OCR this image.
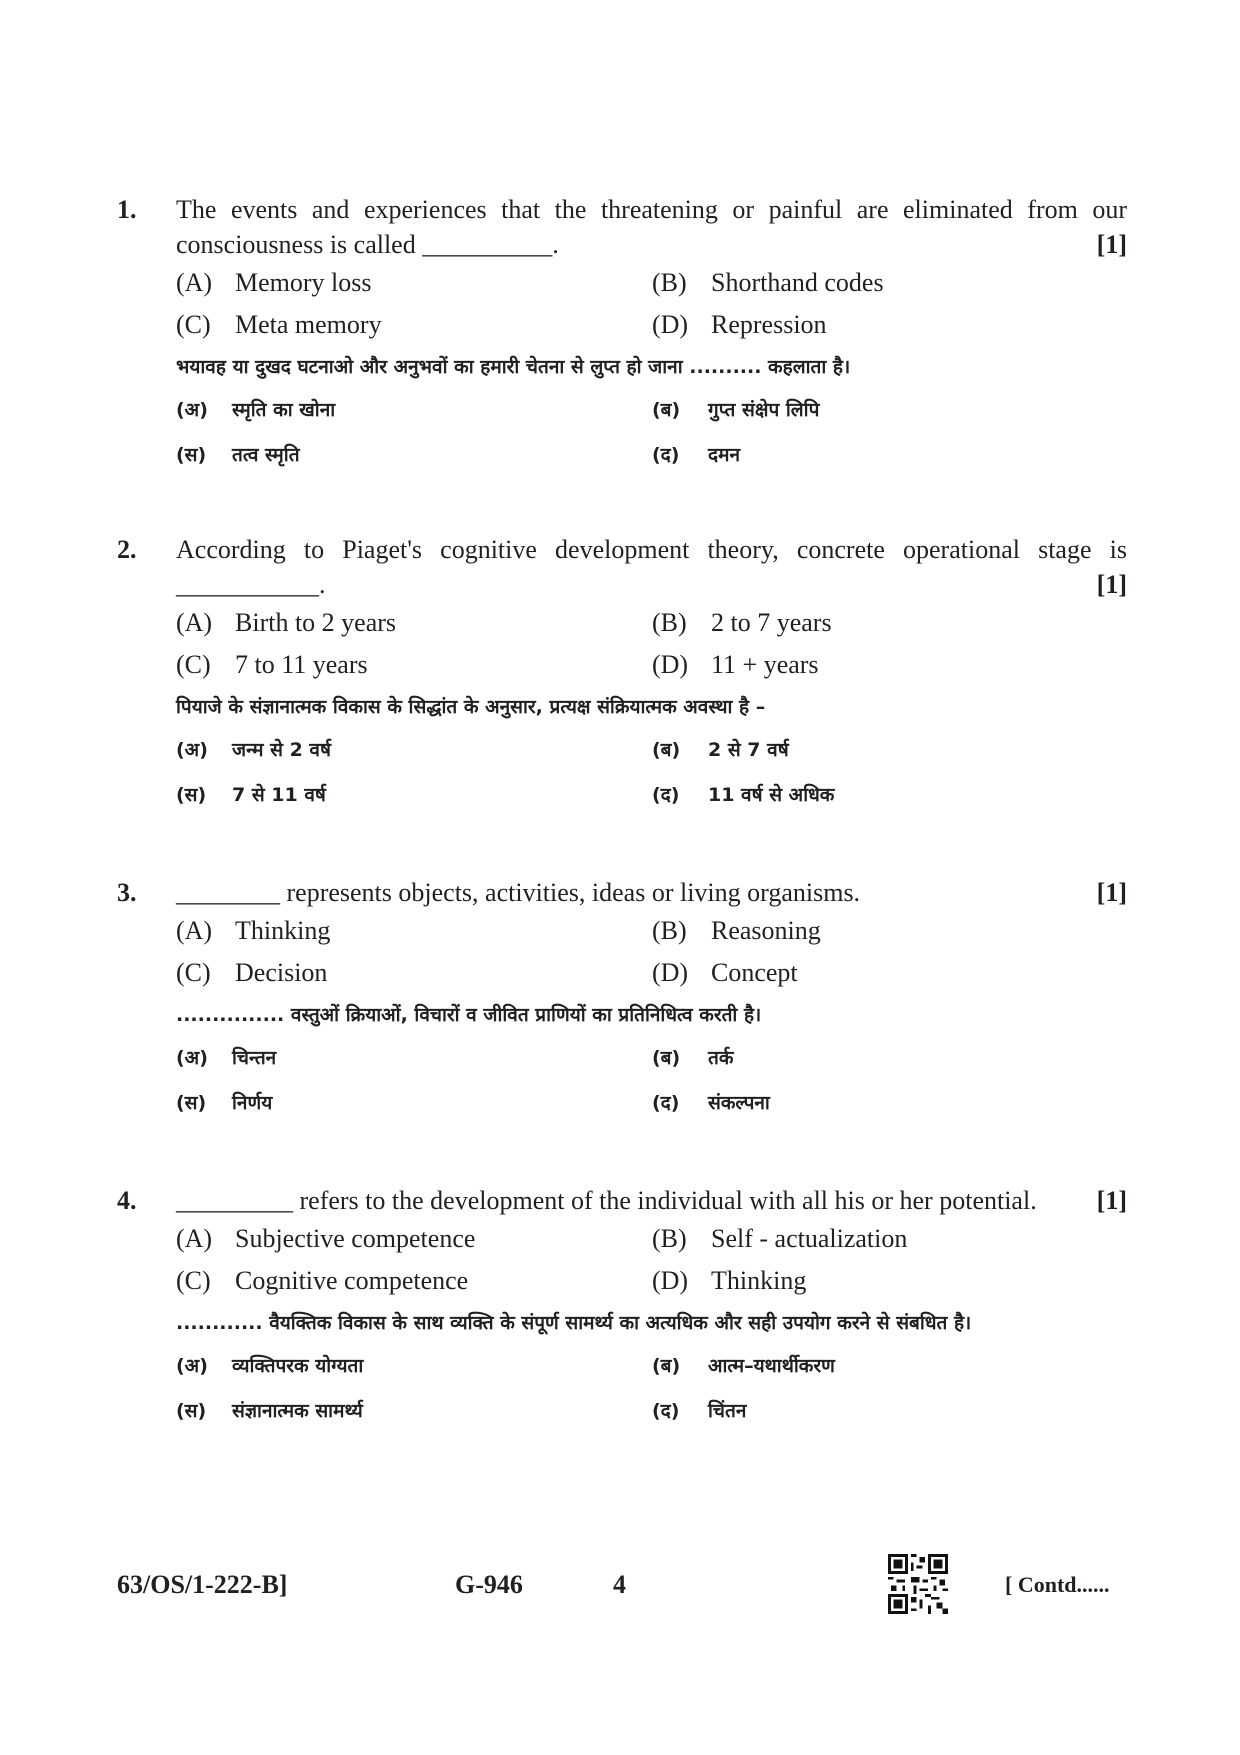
1. The events and experiences that the threatening or painful are eliminated from our consciousness is called __________.	[1]
(A) Memory loss	(B) Shorthand codes
(C) Meta memory	(D) Repression
भयावह या दुखद घटनाओ और अनुभवों का हमारी चेतना से लुप्त हो जाना .......... कहलाता है।
(अ) स्मृति का खोना	(ब) गुप्त संक्षेप लिपि
(स) तत्व स्मृति	(द) दमन
2. According to Piaget's cognitive development theory, concrete operational stage is ___________.	[1]
(A) Birth to 2 years	(B) 2 to 7 years
(C) 7 to 11 years	(D) 11 + years
पियाजे के संज्ञानात्मक विकास के सिद्धांत के अनुसार, प्रत्यक्ष संक्रियात्मक अवस्था है –
(अ) जन्म से 2 वर्ष	(ब) 2 से 7 वर्ष
(स) 7 से 11 वर्ष	(द) 11 वर्ष से अधिक
3. ________ represents objects, activities, ideas or living organisms.	[1]
(A) Thinking	(B) Reasoning
(C) Decision	(D) Concept
............... वस्तुओं क्रियाओं, विचारों व जीवित प्राणियों का प्रतिनिधित्व करती है।
(अ) चिन्तन	(ब) तर्क
(स) निर्णय	(द) संकल्पना
4. _________ refers to the development of the individual with all his or her potential. [1]
(A) Subjective competence	(B) Self - actualization
(C) Cognitive competence	(D) Thinking
............ वैयक्तिक विकास के साथ व्यक्ति के संपूर्ण सामर्थ्य का अत्यधिक और सही उपयोग करने से संबधित है।
(अ) व्यक्तिपरक योग्यता	(ब) आत्म–यथार्थीकरण
(स) संज्ञानात्मक सामर्थ्य	(द) चिंतन
63/OS/1-222-B]	G-946	4	[ Contd......
